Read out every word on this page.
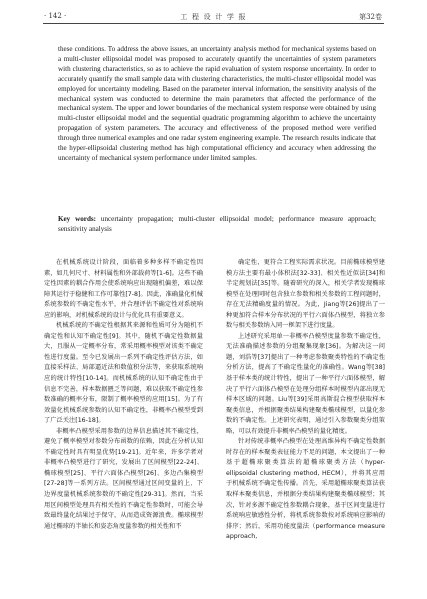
· 142 ·	工 程 设 计 学 报	第32卷
these conditions. To address the above issues, an uncertainty analysis method for mechanical systems based on a multi-cluster ellipsoidal model was proposed to accurately quantify the uncertainties of system parameters with clustering characteristics, so as to achieve the rapid evaluation of system response uncertainty. In order to accurately quantify the small sample data with clustering characteristics, the multi-cluster ellipsoidal model was employed for uncertainty modeling. Based on the parameter interval information, the sensitivity analysis of the mechanical system was conducted to determine the main parameters that affected the performance of the mechanical system. The upper and lower boundaries of the mechanical system response were obtained by using multi-cluster ellipsoidal model and the sequential quadratic programming algorithm to achieve the uncertainty propagation of system parameters. The accuracy and effectiveness of the proposed method were verified through three numerical examples and one radar system engineering example. The research results indicate that the hyper-ellipsoidal clustering method has high computational efficiency and accuracy when addressing the uncertainty of mechanical system performance under limited samples.
Key words: uncertainty propagation; multi-cluster ellipsoidal model; performance measure approach; sensitivity analysis

在机械系统设计阶段，面临着多种多样不确定性因素，如几何尺寸、材料属性和外部载荷等[1-6]。这些不确定性因素的耦合作用会使系统响应出现随机偏差，难以保障其运行于稳健和工作可靠性[7-8]。因此，准确量化机械系统参数的不确定性水平，并合理评估不确定性对系统响应的影响，对机械系统的设计与优化具有重要意义。

机械系统的不确定性根据其来源和性质可分为随机不确定性和认知不确定性[9]。其中，随机不确定性数据量大，且服从一定概率分布，常采用概率模型对该类不确定性进行度量。至今已发展出一系列不确定性评估方法，如直接采样法、局部逼近法和数值积分法等，来获取系统响应的统计特性[10-14]。而机械系统的认知不确定性由于信息不完善，样本数据匮乏等问题，难以获取不确定性参数准确的概率分布，限制了概率模型的应用[15]。为了有效量化机械系统参数的认知不确定性，非概率凸模型受到了广泛关注[16-18]。

非概率凸模型采用参数的边界信息描述其不确定性，避免了概率模型对参数分布函数的依赖，因此在分析认知不确定性时具有明显优势[19-21]。近年来，许多学者对非概率凸模型进行了研究，发展出了区间模型[22-24]、椭球模型[25]、平行六面体凸模型[26]、多边凸集模型[27-28]等一系列方法。区间模型通过区间变量的上、下边界度量机械系统参数的不确定性[29-31]。然而，当采用区间模型处理具有相关性的不确定性参数时，可能会导致最终量化结果过于保守，从而造成资源浪费。椭球模型通过椭球的半轴长和姿态角度量参数的相关性和不

确定性，更符合工程实际需求状况。目前椭球模型建模方法主要有最小体积法[32-33]、相关性近似法[34]和半定规划法[35]等。随着研究的深入，相关学者发现椭球模型在处理同时包含独立参数和相关参数的工程问题时，存在无法精确度量的情况。为此，Jiang等[26]提出了一种更加符合样本分布状况的平行六面体凸模型，将独立参数与相关参数纳入同一框架下进行度量。

上述研究采用单一非概率凸模型度量参数不确定性，无法准确描述参数的分组聚集现象[36]。为解决这一问题，刘浩等[37]提出了一种考虑参数聚类特性的不确定性分析方法，提高了不确定性量化的准确性。Wang等[38]基于样本类的统计特性，提出了一种平行六面体模型，解决了平行六面体凸模型在处理分组样本时模型内部出现无样本区域的问题。Liu等[39]采用高斯混合模型获取样本聚类信息，并根据聚类结果构建聚类椭球模型，以量化参数的不确定性。上述研究表明，通过引入参数聚类分组策略，可以有效提升非概率凸模型的量化精度。

针对传统非概率凸模型在处理高维异构不确定性数据时存在的样本聚类表征能力不足的问题，本文提出了一种基于超椭球聚类算法的超椭球聚类方法（hyper-ellipsoidal clustering method, HECM），并将其应用于机械系统不确定性传播。首先，采用超椭球聚类算法获取样本聚类信息，并根据分类结果构建聚类椭球模型；其次，针对多源不确定性参数耦合现象，基于区间变量进行系统响应敏感性分析，将机系统参数按对系统响应影响的排序；然后，采用功能度量法（performance measure approach,
